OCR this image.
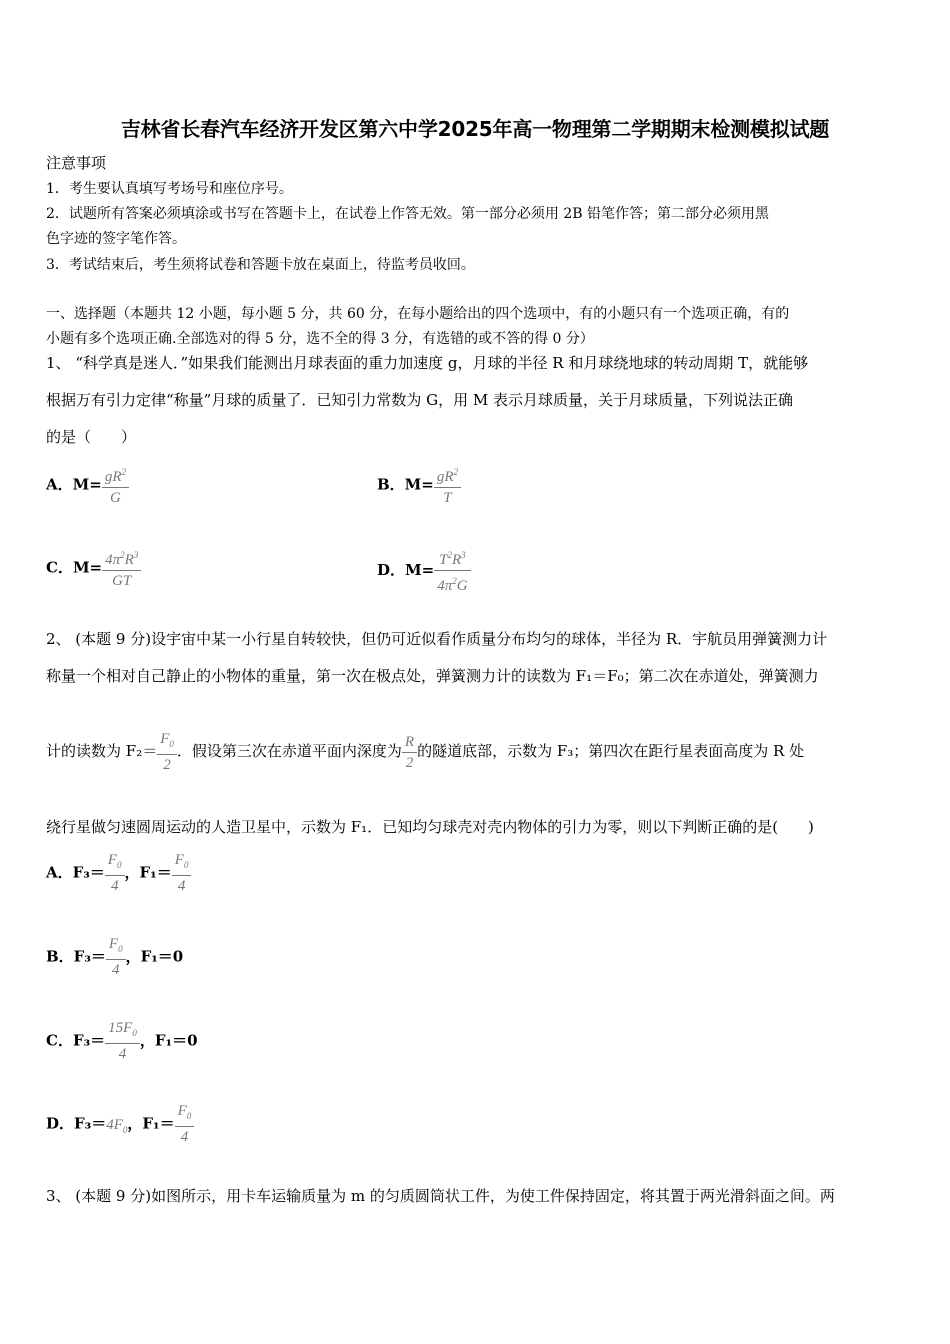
吉林省长春汽车经济开发区第六中学2025年高一物理第二学期期末检测模拟试题
注意事项
1．考生要认真填写考场号和座位序号。
2．试题所有答案必须填涂或书写在答题卡上，在试卷上作答无效。第一部分必须用 2B 铅笔作答；第二部分必须用黑
色字迹的签字笔作答。
3．考试结束后，考生须将试卷和答题卡放在桌面上，待监考员收回。
一、选择题（本题共 12 小题，每小题 5 分，共 60 分，在每小题给出的四个选项中，有的小题只有一个选项正确，有的
小题有多个选项正确.全部选对的得 5 分，选不全的得 3 分，有选错的或不答的得 0 分）
1、 “科学真是迷人．”如果我们能测出月球表面的重力加速度 g，月球的半径 R 和月球绕地球的转动周期 T，就能够
根据万有引力定律“称量”月球的质量了．已知引力常数为 G，用 M 表示月球质量，关于月球质量，下列说法正确
的是（　　）
A．$M= \frac{gR^2}{G}$	B．$M= \frac{gR^2}{T}$
C．$M= \frac{4\pi^2R^3}{GT}$	D．$M= \frac{T^2R^3}{4\pi^2G}$
2、 (本题 9 分)设宇宙中某一小行星自转较快，但仍可近似看作质量分布均匀的球体，半径为 R．宇航员用弹簧测力计
称量一个相对自己静止的小物体的重量，第一次在极点处，弹簧测力计的读数为 F₁＝F₀；第二次在赤道处，弹簧测力
计的读数为 $F_2= \frac{F_0}{2}$ ．假设第三次在赤道平面内深度为 $\frac{R}{2}$ 的隧道底部，示数为 F₃；第四次在距行星表面高度为 R 处
绕行星做匀速圆周运动的人造卫星中，示数为 F₁．已知均匀球壳对壳内物体的引力为零，则以下判断正确的是(　　)
A．$F_3= \frac{F_0}{4}$ ，$F_1= \frac{F_0}{4}$
B．$F_3= \frac{F_0}{4}$ ，F₁＝0
C．$F_3= \frac{15F_0}{4}$ ，F₁＝0
D．$F_3=4F_0$，$F_1= \frac{F_0}{4}$
3、 (本题 9 分)如图所示，用卡车运输质量为 m 的匀质圆筒状工件，为使工件保持固定，将其置于两光滑斜面之间。两
